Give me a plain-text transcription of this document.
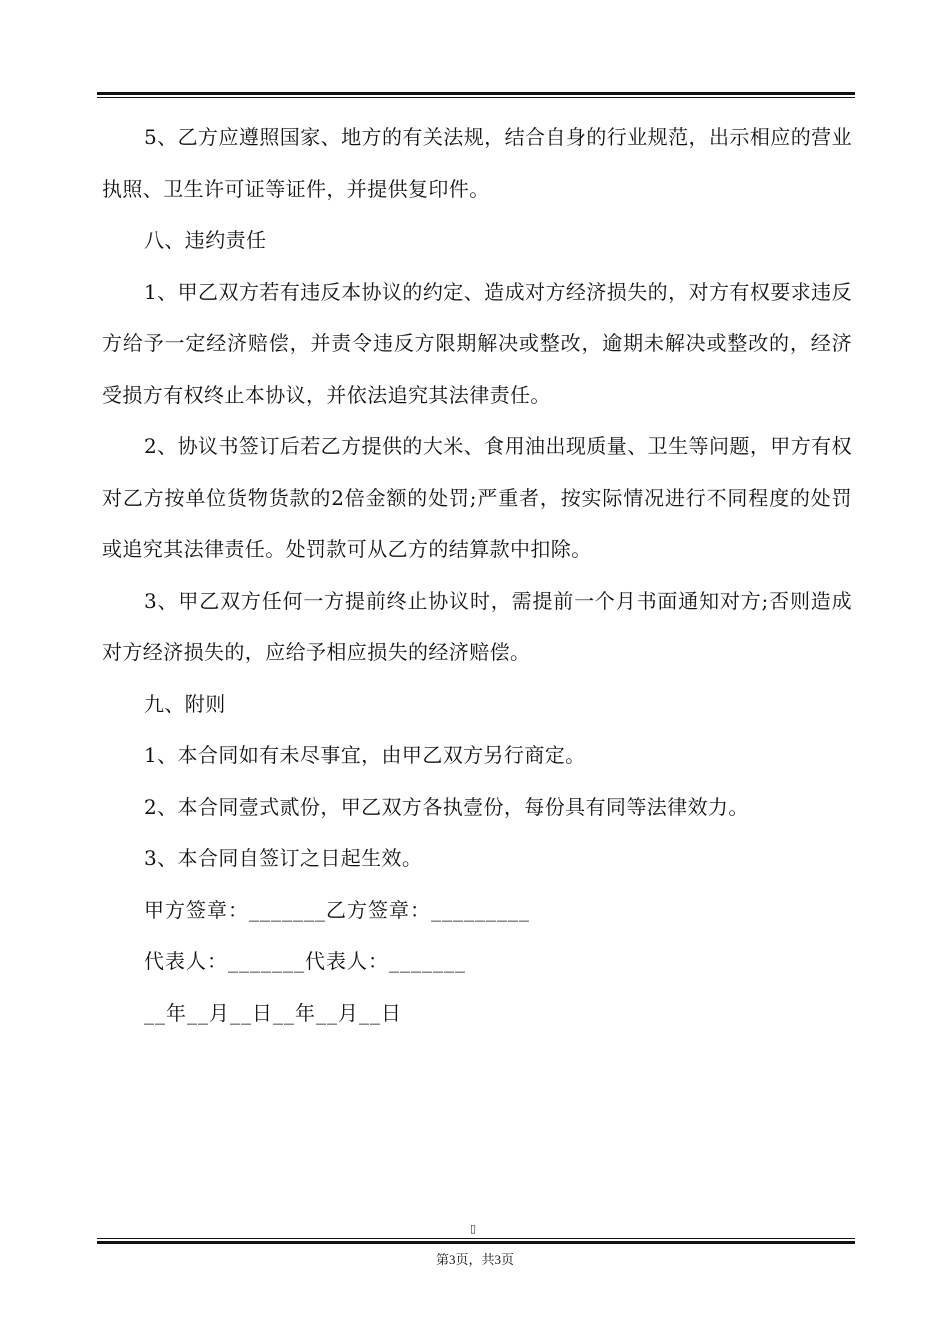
5、乙方应遵照国家、地方的有关法规，结合自身的行业规范，出示相应的营业执照、卫生许可证等证件，并提供复印件。

八、违约责任

1、甲乙双方若有违反本协议的约定、造成对方经济损失的，对方有权要求违反方给予一定经济赔偿，并责令违反方限期解决或整改，逾期未解决或整改的，经济受损方有权终止本协议，并依法追究其法律责任。

2、协议书签订后若乙方提供的大米、食用油出现质量、卫生等问题，甲方有权对乙方按单位货物货款的2倍金额的处罚;严重者，按实际情况进行不同程度的处罚或追究其法律责任。处罚款可从乙方的结算款中扣除。

3、甲乙双方任何一方提前终止协议时，需提前一个月书面通知对方;否则造成对方经济损失的，应给予相应损失的经济赔偿。

九、附则

1、本合同如有未尽事宜，由甲乙双方另行商定。

2、本合同壹式贰份，甲乙双方各执壹份，每份具有同等法律效力。

3、本合同自签订之日起生效。

甲方签章：_______乙方签章：_________

代表人：_______代表人：_______

__年__月__日__年__月__日

▯
第3页，共3页
